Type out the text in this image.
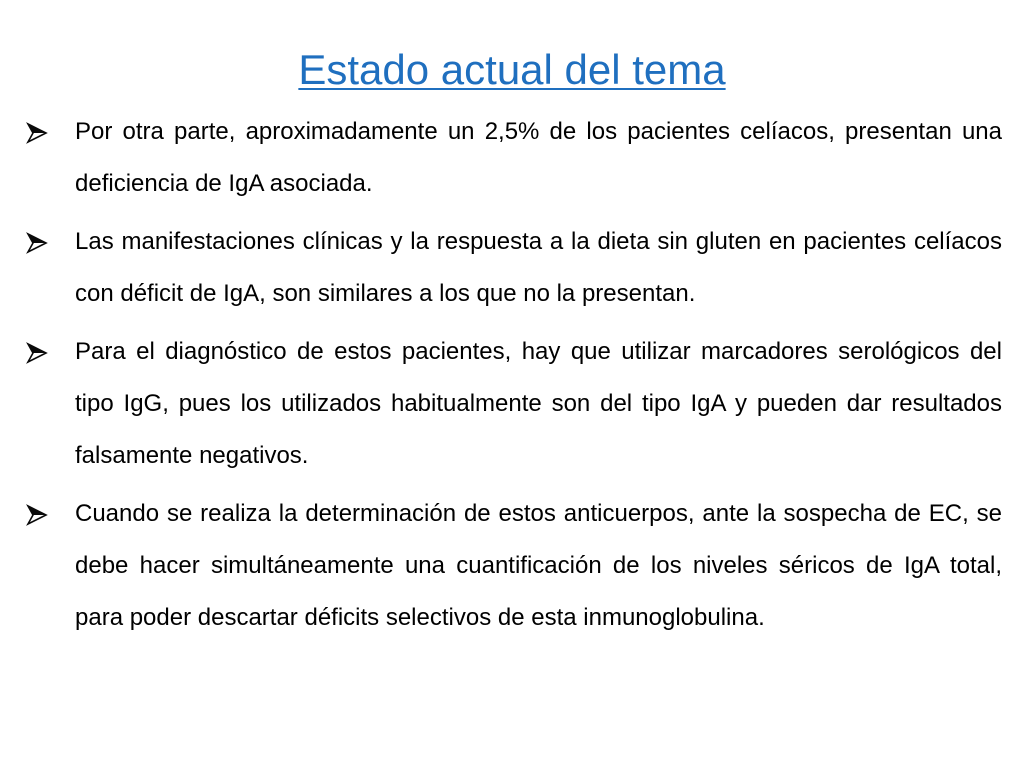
Estado actual del tema
Por otra parte, aproximadamente un 2,5% de los pacientes celíacos, presentan una deficiencia de IgA asociada.
Las manifestaciones clínicas y la respuesta a la dieta sin gluten en pacientes celíacos con déficit de IgA, son similares a los que no la presentan.
Para el diagnóstico de estos pacientes, hay que utilizar marcadores serológicos del tipo IgG, pues los utilizados habitualmente son del tipo IgA y pueden dar resultados falsamente negativos.
Cuando se realiza la determinación de estos anticuerpos, ante la sospecha de EC, se debe hacer simultáneamente una cuantificación de los niveles séricos de IgA total, para poder descartar déficits selectivos de esta inmunoglobulina.
